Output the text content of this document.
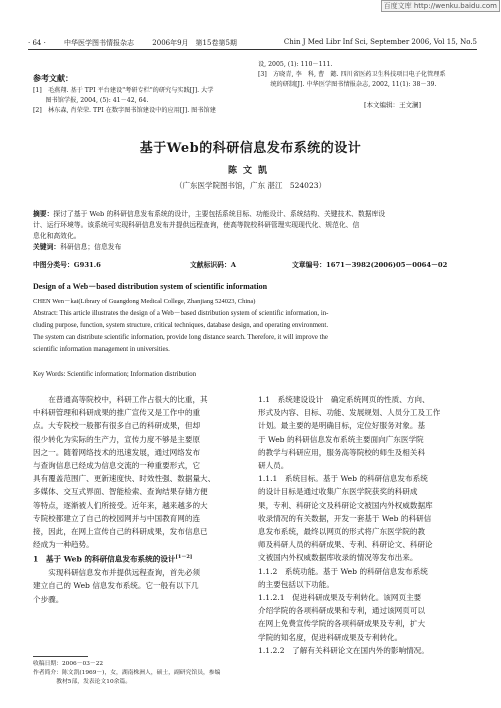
百度文库 http://wenku.baidu.com
· 64 ·	中华医学图书情报杂志	2006年9月　第15卷第5期	Chin J Med Libr Inf Sci, September 2006, Vol 15, No.5
参考文献：
[1]　毛燕翔. 基于 TPI 平台建设"考研专栏"的研究与实践[J]. 大学
　　图书馆学报, 2004, (5): 41－42, 64.
[2]　林东森, 肖荣荣. TPI 在数字图书馆建设中的应用[J]. 图书馆建
设, 2005, (1): 110－111.
[3]　方晓青, 李　科, 曹　懿. 四川省医药卫生科技项目电子化管理系
　　统的研制[J]. 中华医学图书情报杂志, 2002, 11(1): 38－39.
[本文编辑：王文澜]
基于Web的科研信息发布系统的设计
陈文凯
（广东医学院图书馆，广东 湛江　524023）
摘要：探讨了基于 Web 的科研信息发布系统的设计，主要包括系统目标、功能设计、系统结构、关键技术、数据库设
计、运行环境等。该系统可实现科研信息发布并提供远程查询，使高等院校科研管理实现现代化、规范化、信
息化和高效化。
关键词：科研信息；信息发布
中图分类号：G931.6	文献标识码：A	文章编号：1671－3982(2006)05－0064－02
Design of a Web－based distribution system of scientific information
CHEN Wen－kai(Library of Guangdong Medical College, Zhanjiang 524023, China)
Abstract: This article illustrates the design of a Web－based distribution system of scientific information, in-
cluding purpose, function, system structure, critical techniques, database design, and operating environment.
The system can distribute scientific information, provide long distance search. Therefore, it will improve the
scientific information management in universities.
Key Words: Scientific information; Information distribution

在普通高等院校中，科研工作占很大的比重，其

中科研管理和科研成果的推广宣传又是工作中的重

点。大专院校一般都有很多自己的科研成果，但却

很少转化为实际的生产力，宣传力度不够是主要原

因之一。随着网络技术的迅速发展，通过网络发布

与查询信息已经成为信息交流的一种重要形式，它

具有覆盖范围广、更新速度快、时效性强、数据量大、

多媒体、交互式界面、智能检索、查询结果存储方便

等特点，逐渐被人们所接受。近年来，越来越多的大

专院校都建立了自己的校园网并与中国教育网的连

接，因此，在网上宣传自己的科研成果，发布信息已

经成为一种趋势。

1　基于 Web 的科研信息发布系统的设计[1－2]

实现科研信息发布并提供远程查询，首先必须

建立自己的 Web 信息发布系统。它一般有以下几

个步骤。

收稿日期：2006－03－22
作者简介：陈文凯(1969－)，女，湖南株洲人，硕士，副研究馆员，参编
　　　　教材5部，发表论文10余篇。

1.1　系统建设设计　确定系统网页的性质、方向、

形式及内容、目标、功能、发展规划、人员分工及工作

计划。最主要的是明确目标，定位好服务对象。基

于 Web 的科研信息发布系统主要面向广东医学院

的教学与科研应用，服务高等院校的师生及相关科

研人员。

1.1.1　系统目标。基于 Web 的科研信息发布系统

的设计目标是通过收集广东医学院获奖的科研成

果，专利、科研论文及科研论文被国内外权威数据库

收录情况的有关数据，开发一套基于 Web 的科研信

息发布系统，最终以网页的形式将广东医学院的教

师及科研人员的科研成果、专利、科研论文、科研论

文被国内外权威数据库收录的情况等发布出来。

1.1.2　系统功能。基于 Web 的科研信息发布系统

的主要包括以下功能。

1.1.2.1　促进科研成果及专利转化。该网页主要

介绍学院的各项科研成果和专利，通过该网页可以

在网上免费宣传学院的各项科研成果及专利，扩大

学院的知名度，促进科研成果及专利转化。

1.1.2.2　了解有关科研论文在国内外的影响情况。
